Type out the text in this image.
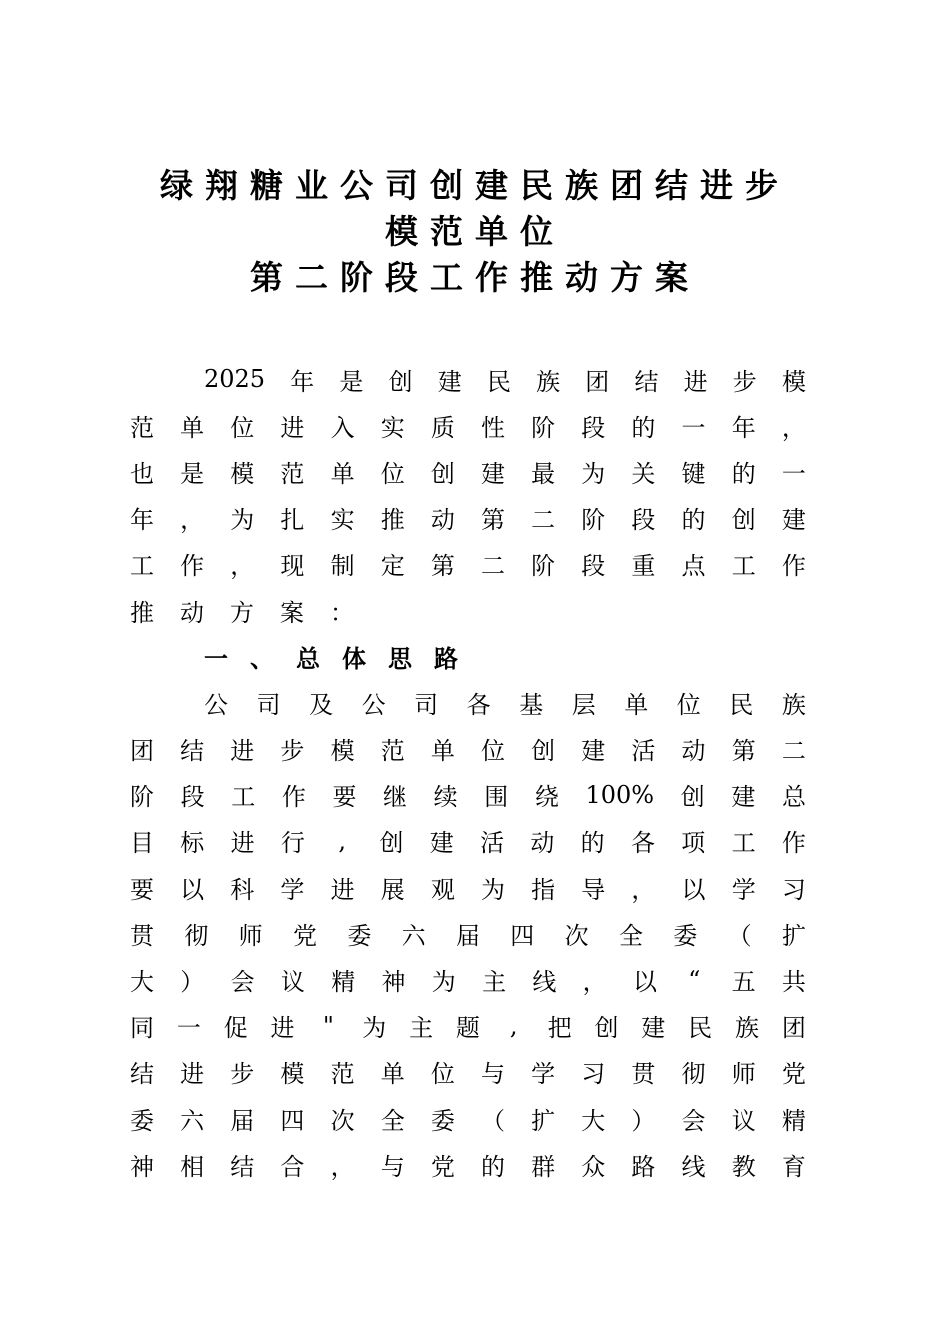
绿翔糖业公司创建民族团结进步
模范单位
第二阶段工作推动方案
2025 年 是 创 建 民 族 团 结 进 步 模
范 单 位 进 入 实 质 性 阶 段 的 一 年 ，
也 是 模 范 单 位 创 建 最 为 关 键 的 一
年 ， 为 扎 实 推 动 第 二 阶 段 的 创 建
工 作 ， 现 制 定 第 二 阶 段 重 点 工 作
推 动 方 案 ：
一 、 总 体 思 路
公 司 及 公 司 各 基 层 单 位 民 族
团 结 进 步 模 范 单 位 创 建 活 动 第 二
阶 段 工 作 要 继 续 围 绕 100% 创 建 总
目 标 进 行 , 创 建 活 动 的 各 项 工 作
要 以 科 学 进 展 观 为 指 导 ， 以 学 习
贯 彻 师 党 委 六 届 四 次 全 委 （ 扩
大 ） 会 议 精 神 为 主 线 ， 以 “ 五 共
同 一 促 进 " 为 主 题 , 把 创 建 民 族 团
结 进 步 模 范 单 位 与 学 习 贯 彻 师 党
委 六 届 四 次 全 委 （ 扩 大 ） 会 议 精
神 相 结 合 ， 与 党 的 群 众 路 线 教 育
